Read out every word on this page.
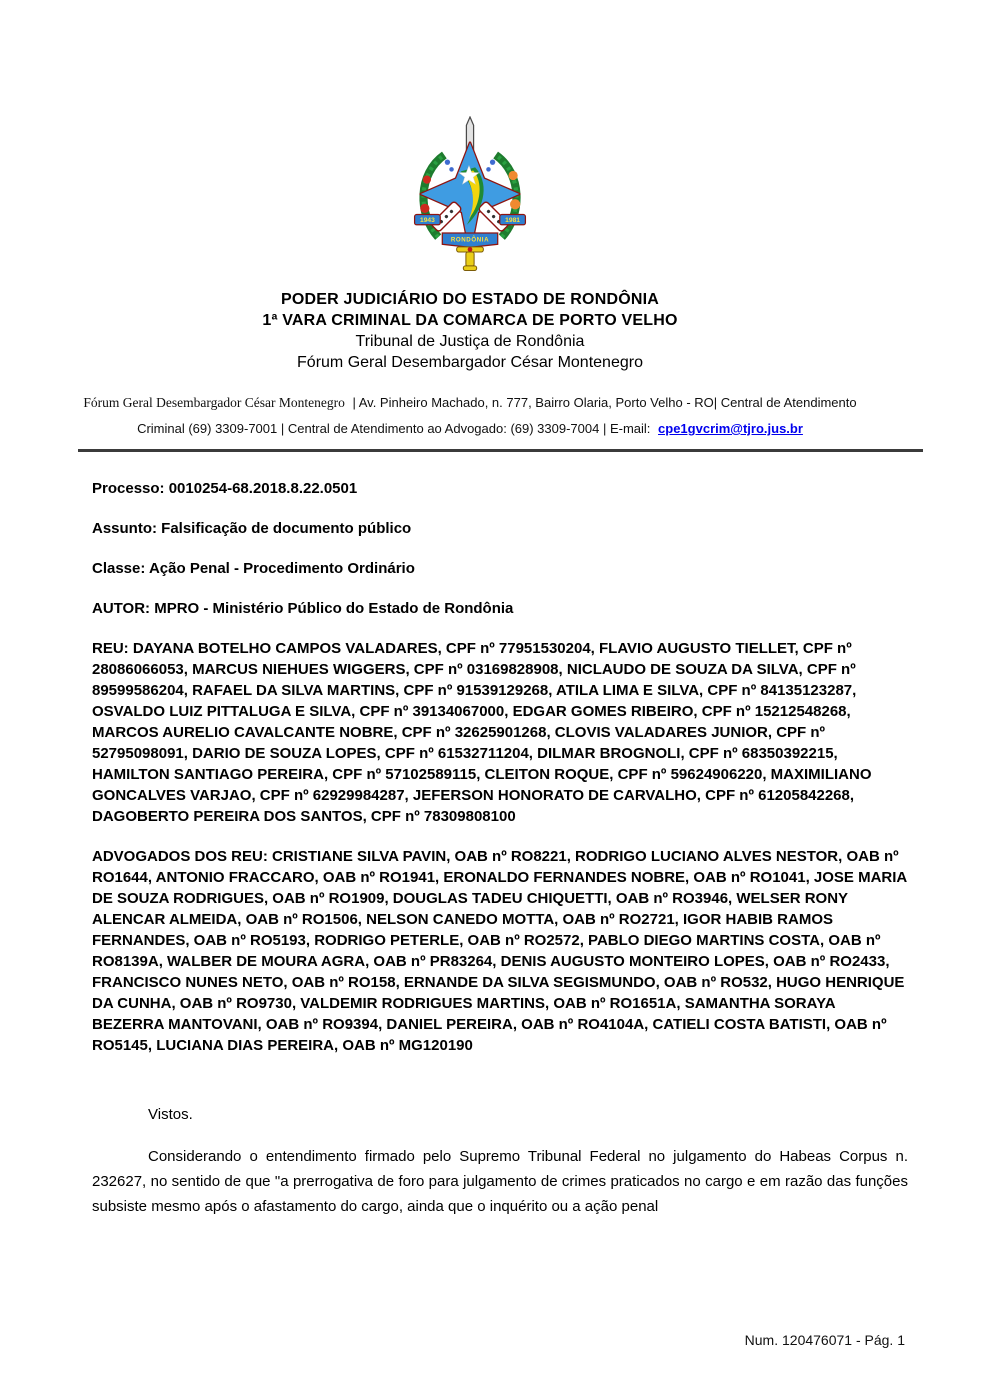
1943	1981
RONDÔNIA
PODER JUDICIÁRIO DO ESTADO DE RONDÔNIA
1ª VARA CRIMINAL DA COMARCA DE PORTO VELHO
Tribunal de Justiça de Rondônia
Fórum Geral Desembargador César Montenegro
Fórum Geral Desembargador César Montenegro | Av. Pinheiro Machado, n. 777, Bairro Olaria, Porto Velho - RO| Central de Atendimento
Criminal (69) 3309-7001 | Central de Atendimento ao Advogado: (69) 3309-7004 | E-mail: cpe1gvcrim@tjro.jus.br
Processo: 0010254-68.2018.8.22.0501
Assunto: Falsificação de documento público
Classe: Ação Penal - Procedimento Ordinário
AUTOR: MPRO - Ministério Público do Estado de Rondônia
REU: DAYANA BOTELHO CAMPOS VALADARES, CPF nº 77951530204, FLAVIO AUGUSTO TIELLET, CPF nº 28086066053, MARCUS NIEHUES WIGGERS, CPF nº 03169828908, NICLAUDO DE SOUZA DA SILVA, CPF nº 89599586204, RAFAEL DA SILVA MARTINS, CPF nº 91539129268, ATILA LIMA E SILVA, CPF nº 84135123287, OSVALDO LUIZ PITTALUGA E SILVA, CPF nº 39134067000, EDGAR GOMES RIBEIRO, CPF nº 15212548268, MARCOS AURELIO CAVALCANTE NOBRE, CPF nº 32625901268, CLOVIS VALADARES JUNIOR, CPF nº 52795098091, DARIO DE SOUZA LOPES, CPF nº 61532711204, DILMAR BROGNOLI, CPF nº 68350392215, HAMILTON SANTIAGO PEREIRA, CPF nº 57102589115, CLEITON ROQUE, CPF nº 59624906220, MAXIMILIANO GONCALVES VARJAO, CPF nº 62929984287, JEFERSON HONORATO DE CARVALHO, CPF nº 61205842268, DAGOBERTO PEREIRA DOS SANTOS, CPF nº 78309808100
ADVOGADOS DOS REU: CRISTIANE SILVA PAVIN, OAB nº RO8221, RODRIGO LUCIANO ALVES NESTOR, OAB nº RO1644, ANTONIO FRACCARO, OAB nº RO1941, ERONALDO FERNANDES NOBRE, OAB nº RO1041, JOSE MARIA DE SOUZA RODRIGUES, OAB nº RO1909, DOUGLAS TADEU CHIQUETTI, OAB nº RO3946, WELSER RONY ALENCAR ALMEIDA, OAB nº RO1506, NELSON CANEDO MOTTA, OAB nº RO2721, IGOR HABIB RAMOS FERNANDES, OAB nº RO5193, RODRIGO PETERLE, OAB nº RO2572, PABLO DIEGO MARTINS COSTA, OAB nº RO8139A, WALBER DE MOURA AGRA, OAB nº PR83264, DENIS AUGUSTO MONTEIRO LOPES, OAB nº RO2433, FRANCISCO NUNES NETO, OAB nº RO158, ERNANDE DA SILVA SEGISMUNDO, OAB nº RO532, HUGO HENRIQUE DA CUNHA, OAB nº RO9730, VALDEMIR RODRIGUES MARTINS, OAB nº RO1651A, SAMANTHA SORAYA BEZERRA MANTOVANI, OAB nº RO9394, DANIEL PEREIRA, OAB nº RO4104A, CATIELI COSTA BATISTI, OAB nº RO5145, LUCIANA DIAS PEREIRA, OAB nº MG120190
Vistos.
Considerando o entendimento firmado pelo Supremo Tribunal Federal no julgamento do Habeas Corpus n. 232627, no sentido de que "a prerrogativa de foro para julgamento de crimes praticados no cargo e em razão das funções subsiste mesmo após o afastamento do cargo, ainda que o inquérito ou a ação penal
Num. 120476071 - Pág. 1
